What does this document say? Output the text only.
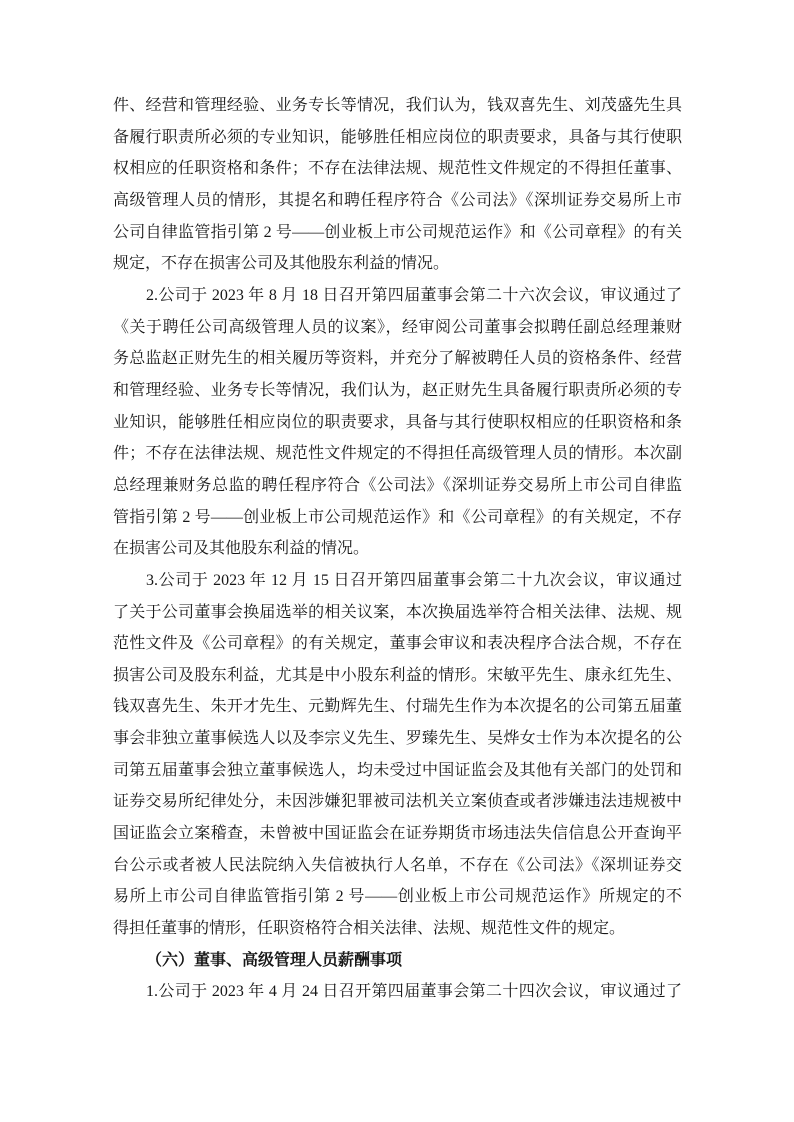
件、经营和管理经验、业务专长等情况，我们认为，钱双喜先生、刘茂盛先生具
备履行职责所必须的专业知识，能够胜任相应岗位的职责要求，具备与其行使职
权相应的任职资格和条件；不存在法律法规、规范性文件规定的不得担任董事、
高级管理人员的情形，其提名和聘任程序符合《公司法》《深圳证券交易所上市
公司自律监管指引第 2 号——创业板上市公司规范运作》和《公司章程》的有关
规定，不存在损害公司及其他股东利益的情况。
2.公司于 2023 年 8 月 18 日召开第四届董事会第二十六次会议，审议通过了
《关于聘任公司高级管理人员的议案》，经审阅公司董事会拟聘任副总经理兼财
务总监赵正财先生的相关履历等资料，并充分了解被聘任人员的资格条件、经营
和管理经验、业务专长等情况，我们认为，赵正财先生具备履行职责所必须的专
业知识，能够胜任相应岗位的职责要求，具备与其行使职权相应的任职资格和条
件；不存在法律法规、规范性文件规定的不得担任高级管理人员的情形。本次副
总经理兼财务总监的聘任程序符合《公司法》《深圳证券交易所上市公司自律监
管指引第 2 号——创业板上市公司规范运作》和《公司章程》的有关规定，不存
在损害公司及其他股东利益的情况。
3.公司于 2023 年 12 月 15 日召开第四届董事会第二十九次会议，审议通过
了关于公司董事会换届选举的相关议案，本次换届选举符合相关法律、法规、规
范性文件及《公司章程》的有关规定，董事会审议和表决程序合法合规，不存在
损害公司及股东利益，尤其是中小股东利益的情形。宋敏平先生、康永红先生、
钱双喜先生、朱开才先生、元勤辉先生、付瑞先生作为本次提名的公司第五届董
事会非独立董事候选人以及李宗义先生、罗臻先生、吴烨女士作为本次提名的公
司第五届董事会独立董事候选人，均未受过中国证监会及其他有关部门的处罚和
证券交易所纪律处分，未因涉嫌犯罪被司法机关立案侦查或者涉嫌违法违规被中
国证监会立案稽查，未曾被中国证监会在证券期货市场违法失信信息公开查询平
台公示或者被人民法院纳入失信被执行人名单，不存在《公司法》《深圳证券交
易所上市公司自律监管指引第 2 号——创业板上市公司规范运作》所规定的不
得担任董事的情形，任职资格符合相关法律、法规、规范性文件的规定。
（六）董事、高级管理人员薪酬事项
1.公司于 2023 年 4 月 24 日召开第四届董事会第二十四次会议，审议通过了
